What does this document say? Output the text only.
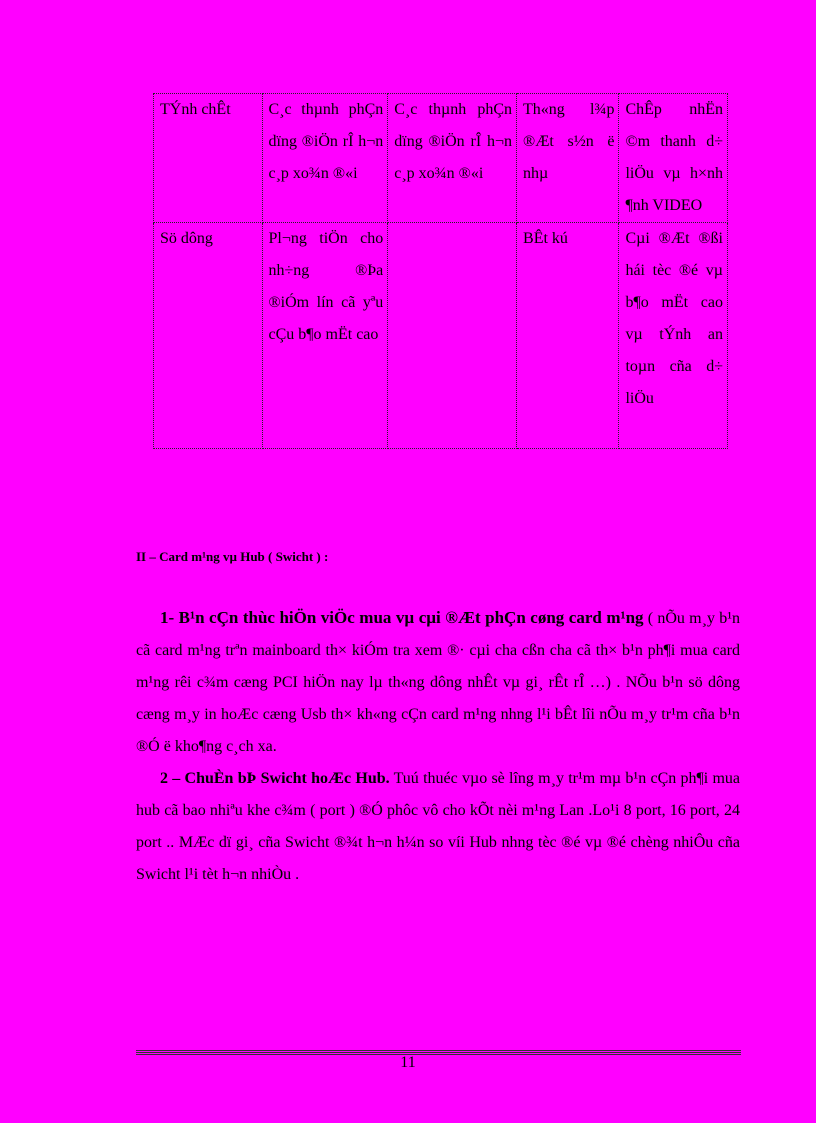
TÝnh chÊt	C¸c thµnh phÇn dïng ®iÖn rÎ h¬n c¸p xo¾n ®«i	C¸c thµnh phÇn dïng ®iÖn rÎ h¬n c¸p xo¾n ®«i	Th«ng l¾p ®Æt s½n ë nhµ	ChÊp nhËn ©m thanh d÷ liÖu vµ h×nh ¶nh VIDEO
Sö dông	Pl¬ng tiÖn cho nh÷ng ®Þa ®iÓm lín cã yªu cÇu b¶o mËt cao		BÊt kú	Cµi ®Æt ®ßi hái tèc ®é vµ b¶o mËt cao vµ tÝnh an toµn cña d÷ liÖu
II – Card m¹ng vµ Hub ( Swicht ) :

1- B¹n cÇn thùc hiÖn viÖc mua vµ cµi ®Æt phÇn cøng card m¹ng ( nÕu m¸y b¹n cã card m¹ng trªn mainboard th× kiÓm tra xem ®· cµi cha cßn cha cã th× b¹n ph¶i mua card m¹ng rêi c¾m cæng PCI hiÖn nay lµ th«ng dông nhÊt vµ gi¸ rÊt rÎ …) . NÕu b¹n sö dông cæng m¸y in hoÆc cæng Usb th× kh«ng cÇn card m¹ng nhng l¹i bÊt lîi nÕu m¸y tr¹m cña b¹n ®Ó ë kho¶ng c¸ch xa.

2 – ChuÈn bÞ Swicht hoÆc Hub. Tuú thuéc vµo sè lîng m¸y tr¹m mµ b¹n cÇn ph¶i mua hub cã bao nhiªu khe c¾m ( port ) ®Ó phôc vô cho kÕt nèi m¹ng Lan .Lo¹i 8 port, 16 port, 24 port .. MÆc dï gi¸ cña Swicht ®¾t h¬n h¼n so víi Hub nhng tèc ®é vµ ®é chèng nhiÔu cña Swicht l¹i tèt h¬n nhiÒu .

11
